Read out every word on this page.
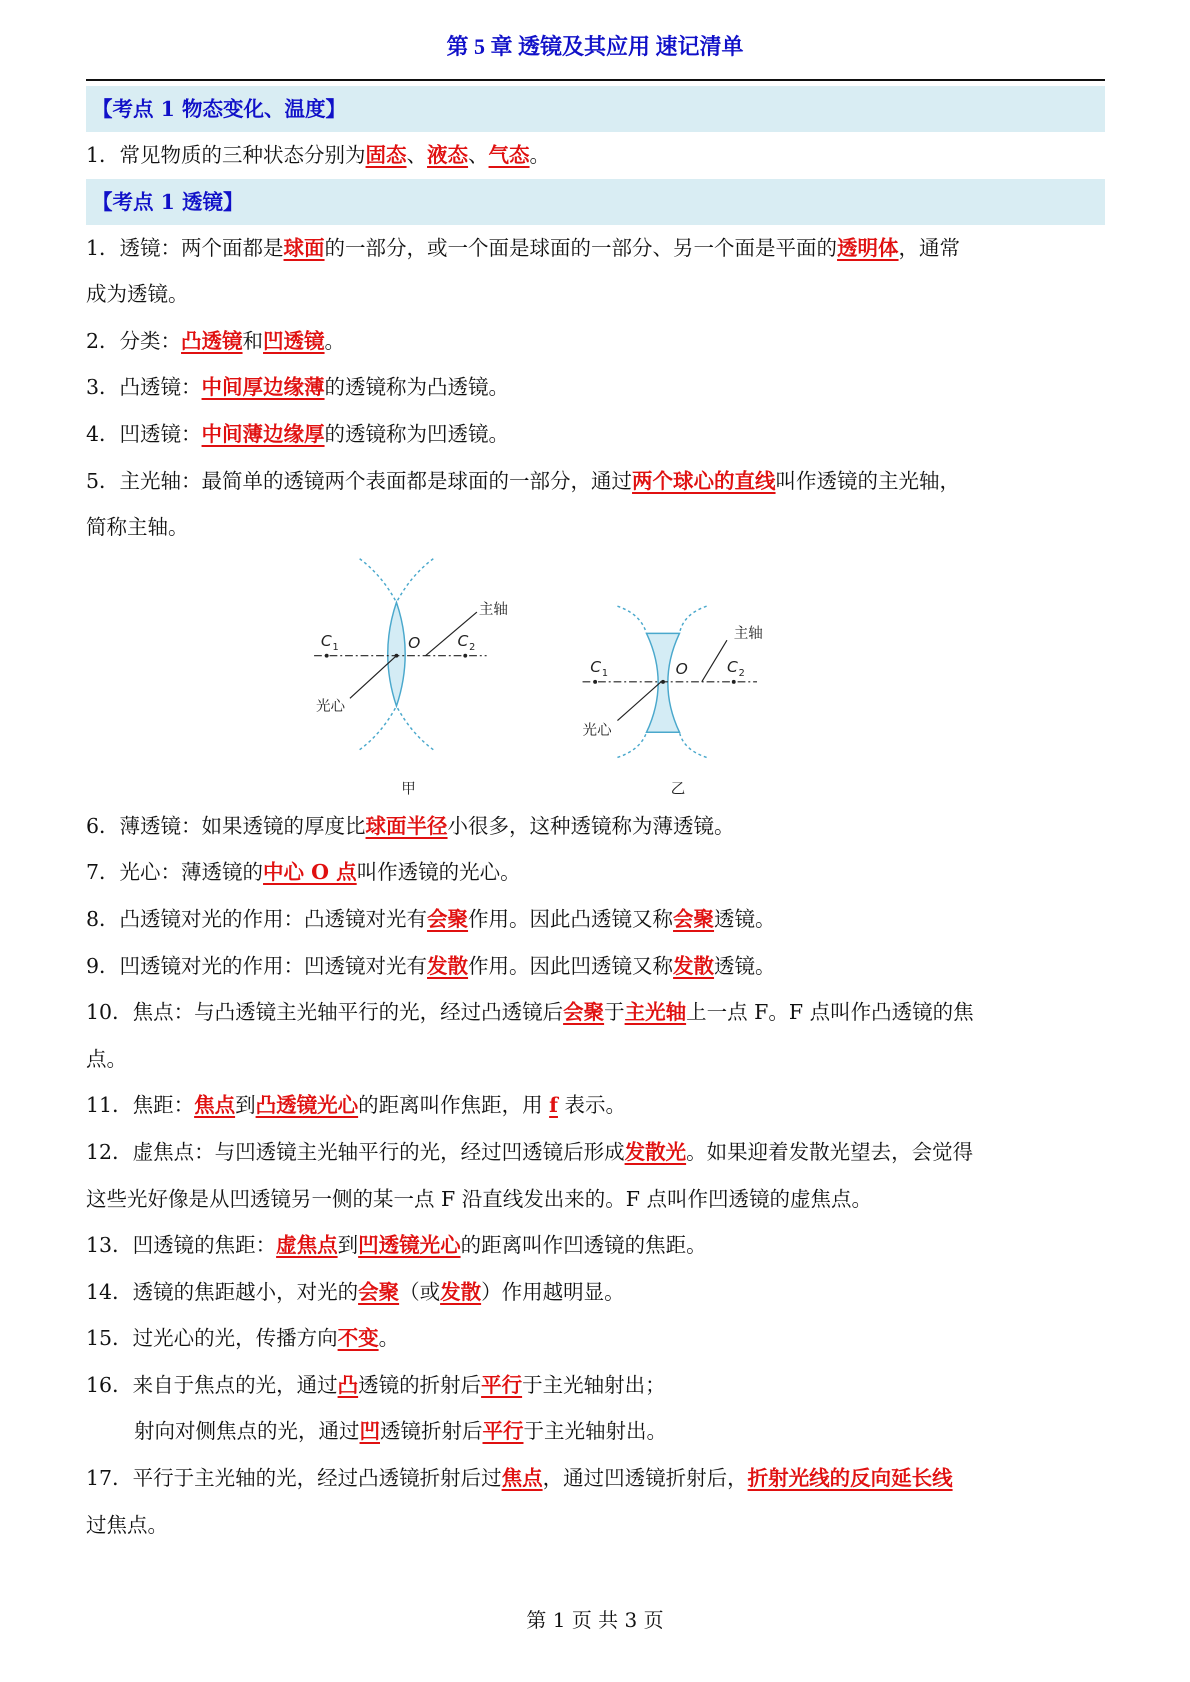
第 5 章 透镜及其应用 速记清单
【考点 1 物态变化、温度】
1．常见物质的三种状态分别为固态、液态、气态。
【考点 1 透镜】
1．透镜：两个面都是球面的一部分，或一个面是球面的一部分、另一个面是平面的透明体，通常
成为透镜。
2．分类：凸透镜和凹透镜。
3．凸透镜：中间厚边缘薄的透镜称为凸透镜。
4．凹透镜：中间薄边缘厚的透镜称为凹透镜。
5．主光轴：最简单的透镜两个表面都是球面的一部分，通过两个球心的直线叫作透镜的主光轴，
简称主轴。
C 1	C 2
O
主轴
光心
C 1	C 2
O
主轴
光心
甲	乙
6．薄透镜：如果透镜的厚度比球面半径小很多，这种透镜称为薄透镜。
7．光心：薄透镜的中心 O 点叫作透镜的光心。
8．凸透镜对光的作用：凸透镜对光有会聚作用。因此凸透镜又称会聚透镜。
9．凹透镜对光的作用：凹透镜对光有发散作用。因此凹透镜又称发散透镜。
10．焦点：与凸透镜主光轴平行的光，经过凸透镜后会聚于主光轴上一点 F。F 点叫作凸透镜的焦
点。
11．焦距：焦点到凸透镜光心的距离叫作焦距，用 f 表示。
12．虚焦点：与凹透镜主光轴平行的光，经过凹透镜后形成发散光。如果迎着发散光望去，会觉得
这些光好像是从凹透镜另一侧的某一点 F 沿直线发出来的。F 点叫作凹透镜的虚焦点。
13．凹透镜的焦距：虚焦点到凹透镜光心的距离叫作凹透镜的焦距。
14．透镜的焦距越小，对光的会聚（或发散）作用越明显。
15．过光心的光，传播方向不变。
16．来自于焦点的光，通过凸透镜的折射后平行于主光轴射出；
射向对侧焦点的光，通过凹透镜折射后平行于主光轴射出。
17．平行于主光轴的光，经过凸透镜折射后过焦点，通过凹透镜折射后，折射光线的反向延长线
过焦点。
第 1 页 共 3 页
